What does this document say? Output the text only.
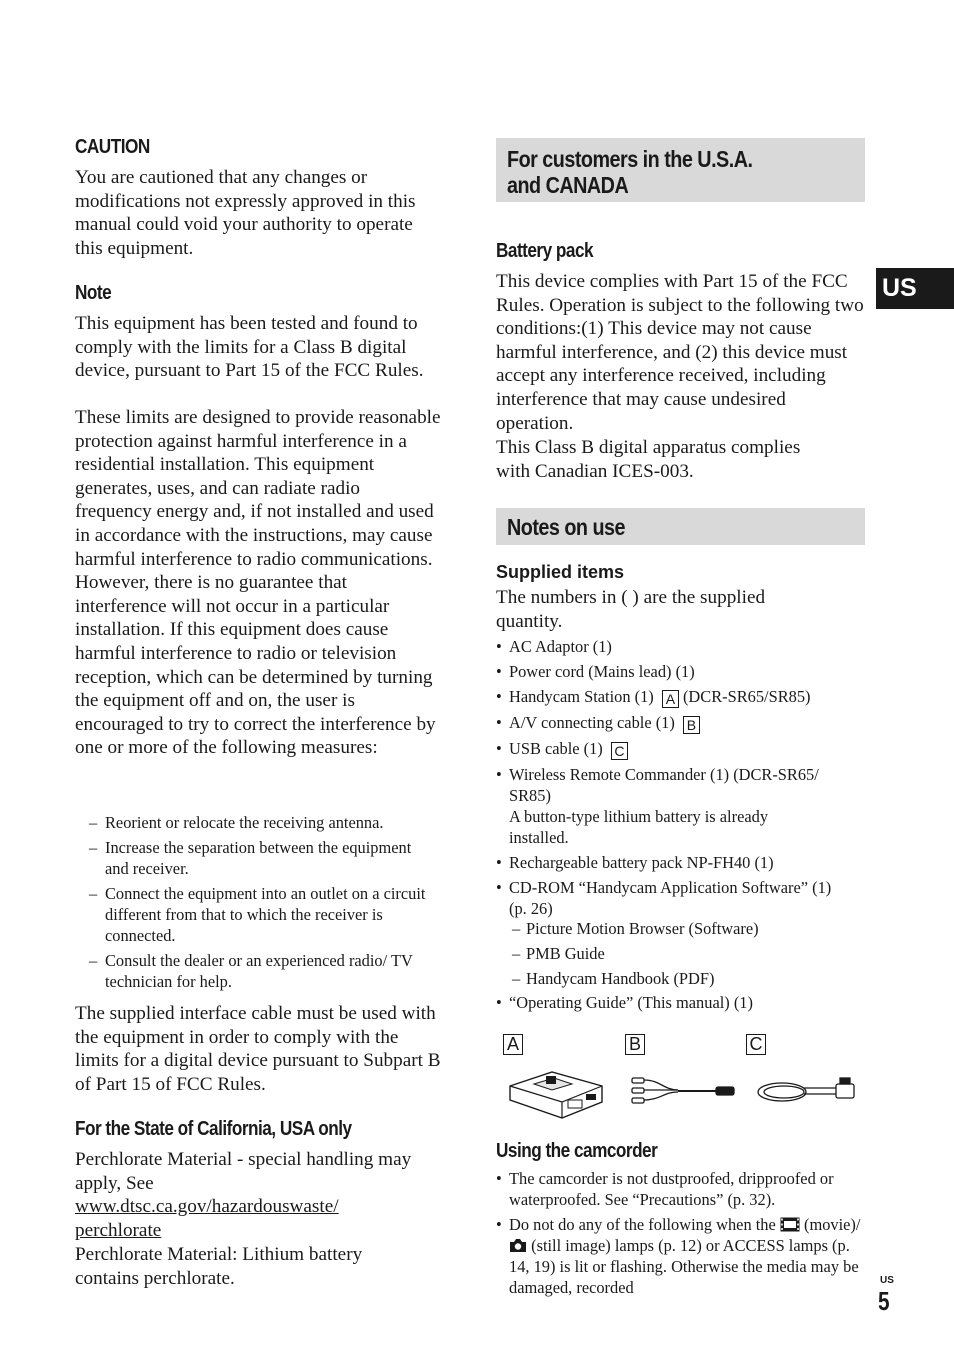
CAUTION

You are cautioned that any changes or modifications not expressly approved in this manual could void your authority to operate this equipment.

Note

This equipment has been tested and found to comply with the limits for a Class B digital device, pursuant to Part 15 of the FCC Rules.

These limits are designed to provide reasonable protection against harmful interference in a residential installation. This equipment generates, uses, and can radiate radio frequency energy and, if not installed and used in accordance with the instructions, may cause harmful interference to radio communications. However, there is no guarantee that interference will not occur in a particular installation. If this equipment does cause harmful interference to radio or television reception, which can be determined by turning the equipment off and on, the user is encouraged to try to correct the interference by one or more of the following measures:

– Reorient or relocate the receiving antenna.
– Increase the separation between the equipment and receiver.
– Connect the equipment into an outlet on a circuit different from that to which the receiver is connected.
– Consult the dealer or an experienced radio/ TV technician for help.

The supplied interface cable must be used with the equipment in order to comply with the limits for a digital device pursuant to Subpart B of Part 15 of FCC Rules.

For the State of California, USA only

Perchlorate Material - special handling may apply, See

www.dtsc.ca.gov/hazardouswaste/ perchlorate

Perchlorate Material: Lithium battery contains perchlorate.

For customers in the U.S.A. and CANADA
Battery pack

This device complies with Part 15 of the FCC Rules. Operation is subject to the following two conditions:(1) This device may not cause harmful interference, and (2) this device must accept any interference received, including interference that may cause undesired operation.

This Class B digital apparatus complies with Canadian ICES-003.

Notes on use
Supplied items

The numbers in ( ) are the supplied quantity.

• AC Adaptor (1)
• Power cord (Mains lead) (1)
• Handycam Station (1) A (DCR-SR65/SR85)
• A/V connecting cable (1) B
• USB cable (1) C
• Wireless Remote Commander (1) (DCR-SR65/ SR85)
A button-type lithium battery is already installed.
• Rechargeable battery pack NP-FH40 (1)
• CD-ROM “Handycam Application Software” (1) (p. 26)
– Picture Motion Browser (Software)
– PMB Guide
– Handycam Handbook (PDF)
• “Operating Guide” (This manual) (1)
A	B	C
Using the camcorder
• The camcorder is not dustproofed, dripproofed or waterproofed. See “Precautions” (p. 32).
• Do not do any of the following when the (movie)/  (still image) lamps (p. 12) or ACCESS lamps (p. 14, 19) is lit or flashing. Otherwise the media may be damaged, recorded
US
US
5
